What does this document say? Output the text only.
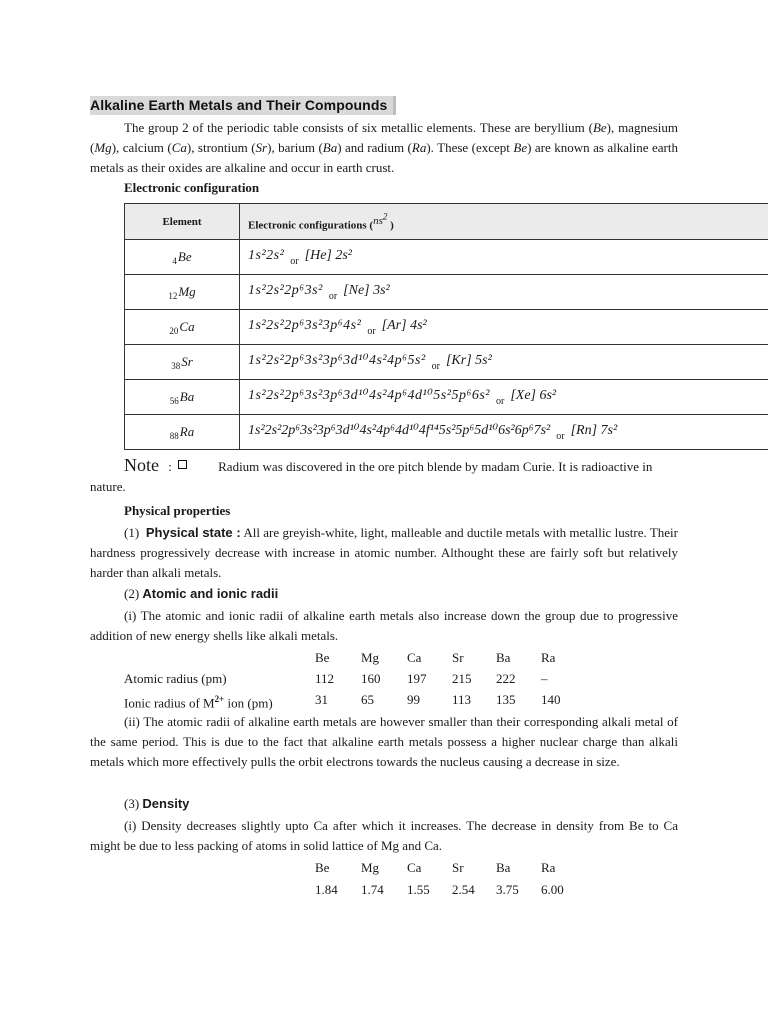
Alkaline Earth Metals and Their Compounds

The group 2 of the periodic table consists of six metallic elements. These are beryllium (Be), magnesium (Mg), calcium (Ca), strontium (Sr), barium (Ba) and radium (Ra). These (except Be) are known as alkaline earth metals as their oxides are alkaline and occur in earth crust.

Electronic configuration
Element	Electronic configurations ($ns^2$ )
$_4$Be	1s²2s² $_{or}$ [He] 2s²
$_{12}$Mg	1s²2s²2p⁶3s² $_{or}$ [Ne] 3s²
$_{20}$Ca	1s²2s²2p⁶3s²3p⁶4s² $_{or}$ [Ar] 4s²
$_{38}$Sr	1s²2s²2p⁶3s²3p⁶3d¹⁰4s²4p⁶5s² $_{or}$ [Kr] 5s²
$_{56}$Ba	1s²2s²2p⁶3s²3p⁶3d¹⁰4s²4p⁶4d¹⁰5s²5p⁶6s² $_{or}$ [Xe] 6s²
$_{88}$Ra	1s²2s²2p⁶3s²3p⁶3d¹⁰4s²4p⁶4d¹⁰4f¹⁴5s²5p⁶5d¹⁰6s²6p⁶7s² $_{or}$ [Rn] 7s²
Note :	Radium was discovered in the ore pitch blende by madam Curie. It is radioactive in nature.
Physical properties

(1) Physical state : All are greyish-white, light, malleable and ductile metals with metallic lustre. Their hardness progressively decrease with increase in atomic number. Althought these are fairly soft but relatively harder than alkali metals.

(2) Atomic and ionic radii

(i) The atomic and ionic radii of alkaline earth metals also increase down the group due to progressive addition of new energy shells like alkali metals.

Be Mg Ca Sr Ba Ra
Atomic radius (pm)	112 160 197 215 222 –
Ionic radius of $M^{2+}$ ion (pm)	31	65	99 113 135 140

(ii) The atomic radii of alkaline earth metals are however smaller than their corresponding alkali metal of the same period. This is due to the fact that alkaline earth metals possess a higher nuclear charge than alkali metals which more effectively pulls the orbit electrons towards the nucleus causing a decrease in size.

(3) Density

(i) Density decreases slightly upto Ca after which it increases. The decrease in density from Be to Ca might be due to less packing of atoms in solid lattice of Mg and Ca.

Be Mg Ca Sr Ba Ra
1.84 1.74 1.55 2.54 3.75 6.00
